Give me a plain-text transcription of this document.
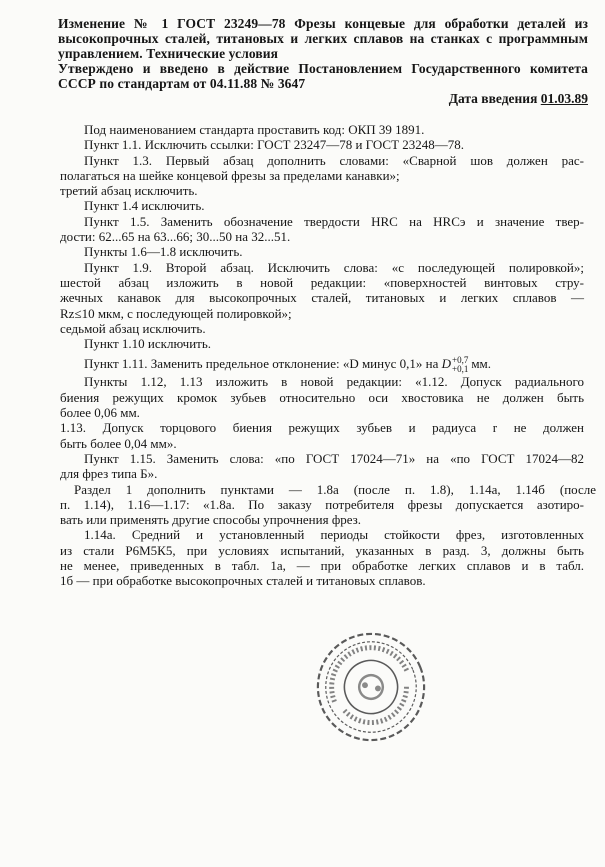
Изменение № 1 ГОСТ 23249—78 Фрезы концевые для обработки деталей из
высокопрочных сталей, титановых и легких сплавов на станках с программным
управлением. Технические условия
Утверждено и введено в действие Постановлением Государственного комитета
СССР по стандартам от 04.11.88 № 3647
Дата введения 01.03.89
Под наименованием стандарта проставить код: ОКП 39 1891.
Пункт 1.1. Исключить ссылки: ГОСТ 23247—78 и ГОСТ 23248—78.
Пункт 1.3. Первый абзац дополнить словами: «Сварной шов должен рас-
полагаться на шейке концевой фрезы за пределами канавки»;
третий абзац исключить.
Пункт 1.4 исключить.
Пункт 1.5. Заменить обозначение твердости HRC на HRCэ и значение твер-
дости: 62...65 на 63...66; 30...50 на 32...51.
Пункты 1.6—1.8 исключить.
Пункт 1.9. Второй абзац. Исключить слова: «с последующей полировкой»;
шестой абзац изложить в новой редакции: «поверхностей винтовых стру-
жечных канавок для высокопрочных сталей, титановых и легких сплавов —
Rz≤10 мкм, с последующей полировкой»;
седьмой абзац исключить.
Пункт 1.10 исключить.
Пункт 1.11. Заменить предельное отклонение: «D минус 0,1» на D +0,7
+0,1 мм.
Пункты 1.12, 1.13 изложить в новой редакции: «1.12. Допуск радиального
биения режущих кромок зубьев относительно оси хвостовика не должен быть
более 0,06 мм.
1.13. Допуск торцового биения режущих зубьев и радиуса r не должен
быть более 0,04 мм».
Пункт 1.15. Заменить слова: «по ГОСТ 17024—71» на «по ГОСТ 17024—82
для фрез типа Б».
Раздел 1 дополнить пунктами — 1.8а (после п. 1.8), 1.14а, 1.14б (после
п. 1.14), 1.16—1.17: «1.8а. По заказу потребителя фрезы допускается азотиро-
вать или применять другие способы упрочнения фрез.
1.14а. Средний и установленный периоды стойкости фрез, изготовленных
из стали Р6М5К5, при условиях испытаний, указанных в разд. 3, должны быть
не менее, приведенных в табл. 1а, — при обработке легких сплавов и в табл.
1б — при обработке высокопрочных сталей и титановых сплавов.
